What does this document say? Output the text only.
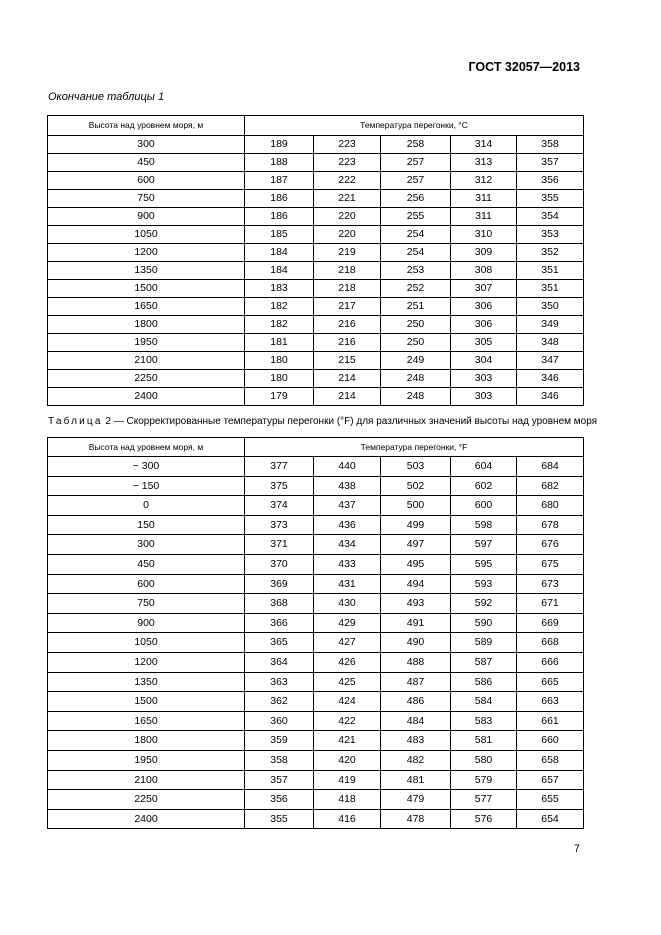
ГОСТ 32057—2013
Окончание таблицы 1
Высота над уровнем моря, м	Температура перегонки, °С				
300	189	223	258	314	358
450	188	223	257	313	357
600	187	222	257	312	356
750	186	221	256	311	355
900	186	220	255	311	354
1050	185	220	254	310	353
1200	184	219	254	309	352
1350	184	218	253	308	351
1500	183	218	252	307	351
1650	182	217	251	306	350
1800	182	216	250	306	349
1950	181	216	250	305	348
2100	180	215	249	304	347
2250	180	214	248	303	346
2400	179	214	248	303	346
Таблица 2 — Скорректированные температуры перегонки (°F) для различных значений высоты над уровнем моря
Высота над уровнем моря, м	Температура перегонки, °F				
− 300	377	440	503	604	684
− 150	375	438	502	602	682
0	374	437	500	600	680
150	373	436	499	598	678
300	371	434	497	597	676
450	370	433	495	595	675
600	369	431	494	593	673
750	368	430	493	592	671
900	366	429	491	590	669
1050	365	427	490	589	668
1200	364	426	488	587	666
1350	363	425	487	586	665
1500	362	424	486	584	663
1650	360	422	484	583	661
1800	359	421	483	581	660
1950	358	420	482	580	658
2100	357	419	481	579	657
2250	356	418	479	577	655
2400	355	416	478	576	654
7
